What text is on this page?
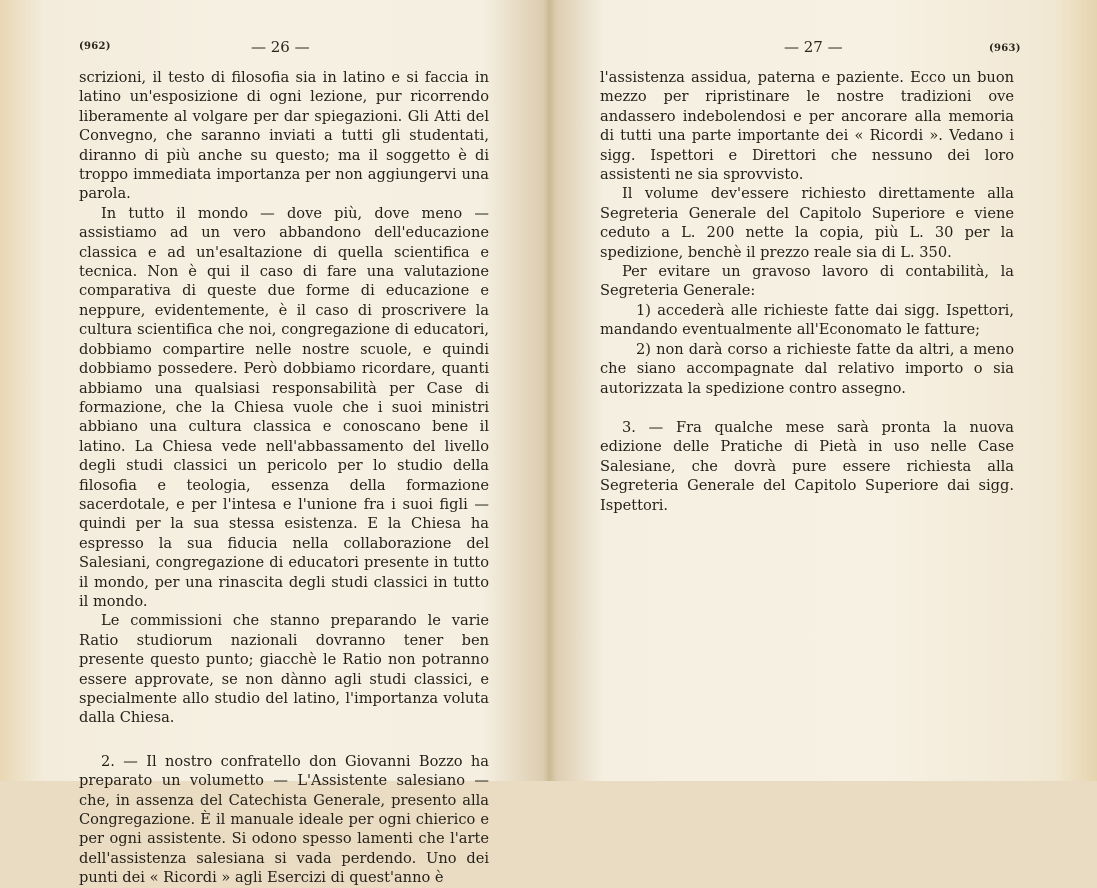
(962)	— 26 —

scrizioni, il testo di filosofia sia in latino e si faccia in latino un'esposizione di ogni lezione, pur ricorrendo liberamente al volgare per dar spiegazioni. Gli Atti del Convegno, che saranno inviati a tutti gli studentati, diranno di più anche su questo; ma il soggetto è di troppo immediata importanza per non aggiungervi una parola.

In tutto il mondo — dove più, dove meno — assistiamo ad un vero abbandono dell'educazione classica e ad un'esaltazione di quella scientifica e tecnica. Non è qui il caso di fare una valutazione comparativa di queste due forme di educazione e neppure, evidentemente, è il caso di proscrivere la cultura scientifica che noi, congregazione di educatori, dobbiamo compartire nelle nostre scuole, e quindi dobbiamo possedere. Però dobbiamo ricordare, quanti abbiamo una qualsiasi responsabilità per Case di formazione, che la Chiesa vuole che i suoi ministri abbiano una cultura classica e conoscano bene il latino. La Chiesa vede nell'abbassamento del livello degli studi classici un pericolo per lo studio della filosofia e teologia, essenza della formazione sacerdotale, e per l'intesa e l'unione fra i suoi figli — quindi per la sua stessa esistenza. E la Chiesa ha espresso la sua fiducia nella collaborazione del Salesiani, congregazione di educatori presente in tutto il mondo, per una rinascita degli studi classici in tutto il mondo.

Le commissioni che stanno preparando le varie Ratio studiorum nazionali dovranno tener ben presente questo punto; giacchè le Ratio non potranno essere approvate, se non dànno agli studi classici, e specialmente allo studio del latino, l'importanza voluta dalla Chiesa.

2. — Il nostro confratello don Giovanni Bozzo ha preparato un volumetto — L'Assistente salesiano — che, in assenza del Catechista Generale, presento alla Congregazione. È il manuale ideale per ogni chierico e per ogni assistente. Si odono spesso lamenti che l'arte dell'assistenza salesiana si vada perdendo. Uno dei punti dei « Ricordi » agli Esercizi di quest'anno è

— 27 —	(963)

l'assistenza assidua, paterna e paziente. Ecco un buon mezzo per ripristinare le nostre tradizioni ove andassero indebolendosi e per ancorare alla memoria di tutti una parte importante dei « Ricordi ». Vedano i sigg. Ispettori e Direttori che nessuno dei loro assistenti ne sia sprovvisto.

Il volume dev'essere richiesto direttamente alla Segreteria Generale del Capitolo Superiore e viene ceduto a L. 200 nette la copia, più L. 30 per la spedizione, benchè il prezzo reale sia di L. 350.

Per evitare un gravoso lavoro di contabilità, la Segreteria Generale:

1) accederà alle richieste fatte dai sigg. Ispettori, mandando eventualmente all'Economato le fatture;

2) non darà corso a richieste fatte da altri, a meno che siano accompagnate dal relativo importo o sia autorizzata la spedizione contro assegno.

3. — Fra qualche mese sarà pronta la nuova edizione delle Pratiche di Pietà in uso nelle Case Salesiane, che dovrà pure essere richiesta alla Segreteria Generale del Capitolo Superiore dai sigg. Ispettori.
